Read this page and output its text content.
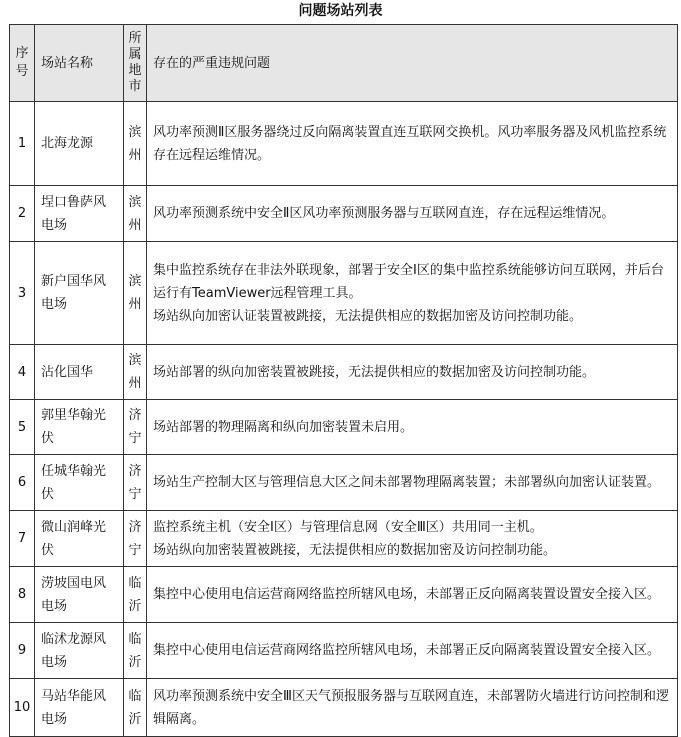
问题场站列表
序号	场站名称	所属地市	存在的严重违规问题
1	北海龙源	滨州	风功率预测Ⅱ区服务器绕过反向隔离装置直连互联网交换机。风功率服务器及风机监控系统存在远程运维情况。

2	埕口鲁萨风电场	滨州	风功率预测系统中安全Ⅱ区风功率预测服务器与互联网直连，存在远程运维情况。

3	新户国华风电场	滨州	集中监控系统存在非法外联现象，部署于安全Ⅰ区的集中监控系统能够访问互联网，并后台运行有TeamViewer远程管理工具。
场站纵向加密认证装置被跳接，无法提供相应的数据加密及访问控制功能。

4	沾化国华	滨州	场站部署的纵向加密装置被跳接，无法提供相应的数据加密及访问控制功能。

5	郭里华翰光伏	济宁	场站部署的物理隔离和纵向加密装置未启用。

6	任城华翰光伏	济宁	场站生产控制大区与管理信息大区之间未部署物理隔离装置；未部署纵向加密认证装置。

7	微山润峰光伏	济宁	监控系统主机（安全Ⅰ区）与管理信息网（安全Ⅲ区）共用同一主机。
场站纵向加密装置被跳接，无法提供相应的数据加密及访问控制功能。

8	涝坡国电风电场	临沂	集控中心使用电信运营商网络监控所辖风电场，未部署正反向隔离装置设置安全接入区。

9	临沭龙源风电场	临沂	集控中心使用电信运营商网络监控所辖风电场，未部署正反向隔离装置设置安全接入区。

10	马站华能风电场	临沂	风功率预测系统中安全Ⅲ区天气预报服务器与互联网直连，未部署防火墙进行访问控制和逻辑隔离。
